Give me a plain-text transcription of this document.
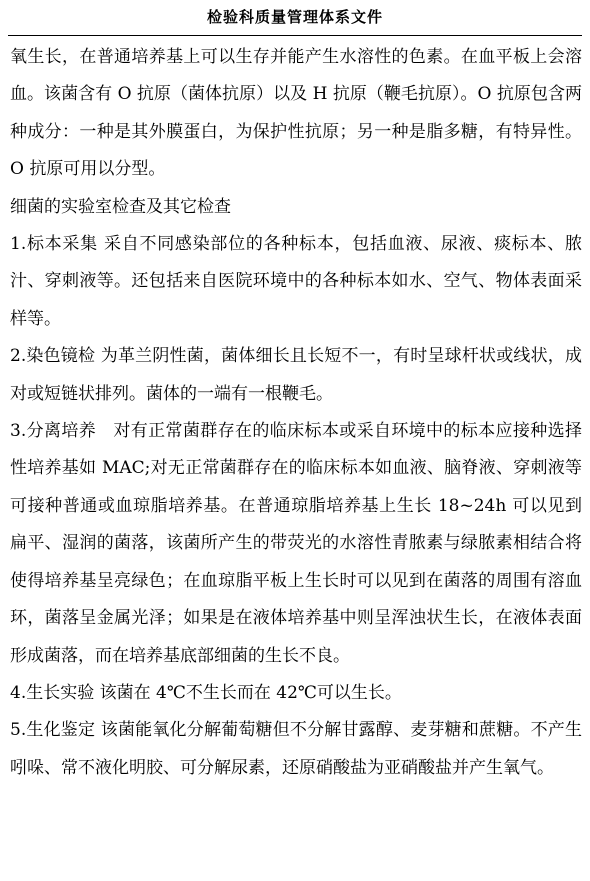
检验科质量管理体系文件

氧生长，在普通培养基上可以生存并能产生水溶性的色素。在血平板上会溶血。该菌含有 O 抗原（菌体抗原）以及 H 抗原（鞭毛抗原）。O 抗原包含两种成分：一种是其外膜蛋白，为保护性抗原；另一种是脂多糖，有特异性。O 抗原可用以分型。

细菌的实验室检查及其它检查

1.标本采集 采自不同感染部位的各种标本，包括血液、尿液、痰标本、脓汁、穿刺液等。还包括来自医院环境中的各种标本如水、空气、物体表面采样等。

2.染色镜检 为革兰阴性菌，菌体细长且长短不一，有时呈球杆状或线状，成对或短链状排列。菌体的一端有一根鞭毛。

3.分离培养　对有正常菌群存在的临床标本或采自环境中的标本应接种选择性培养基如 MAC;对无正常菌群存在的临床标本如血液、脑脊液、穿刺液等可接种普通或血琼脂培养基。在普通琼脂培养基上生长 18~24h 可以见到扁平、湿润的菌落，该菌所产生的带荧光的水溶性青脓素与绿脓素相结合将使得培养基呈亮绿色；在血琼脂平板上生长时可以见到在菌落的周围有溶血环，菌落呈金属光泽；如果是在液体培养基中则呈浑浊状生长，在液体表面形成菌落，而在培养基底部细菌的生长不良。

4.生长实验 该菌在 4℃不生长而在 42℃可以生长。

5.生化鉴定 该菌能氧化分解葡萄糖但不分解甘露醇、麦芽糖和蔗糖。不产生吲哚、常不液化明胶、可分解尿素，还原硝酸盐为亚硝酸盐并产生氧气。
